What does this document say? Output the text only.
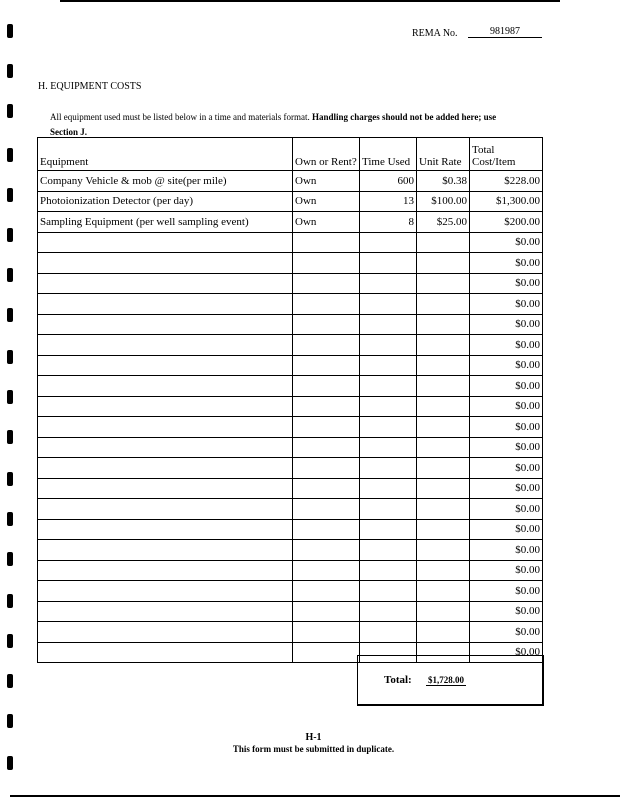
REMA No.	981987
H. EQUIPMENT COSTS
All equipment used must be listed below in a time and materials format. Handling charges should not be added here; use Section J.
Equipment	Own or Rent?	Time Used	Unit Rate	Total Cost/Item
Company Vehicle & mob @ site(per mile)	Own	600	$0.38	$228.00
Photoionization Detector (per day)	Own	13	$100.00	$1,300.00
Sampling Equipment (per well sampling event)	Own	8	$25.00	$200.00
				$0.00
				$0.00
				$0.00
				$0.00
				$0.00
				$0.00
				$0.00
				$0.00
				$0.00
				$0.00
				$0.00
				$0.00
				$0.00
				$0.00
				$0.00
				$0.00
				$0.00
				$0.00
				$0.00
				$0.00
				$0.00
Total: $1,728.00
H-1
This form must be submitted in duplicate.
